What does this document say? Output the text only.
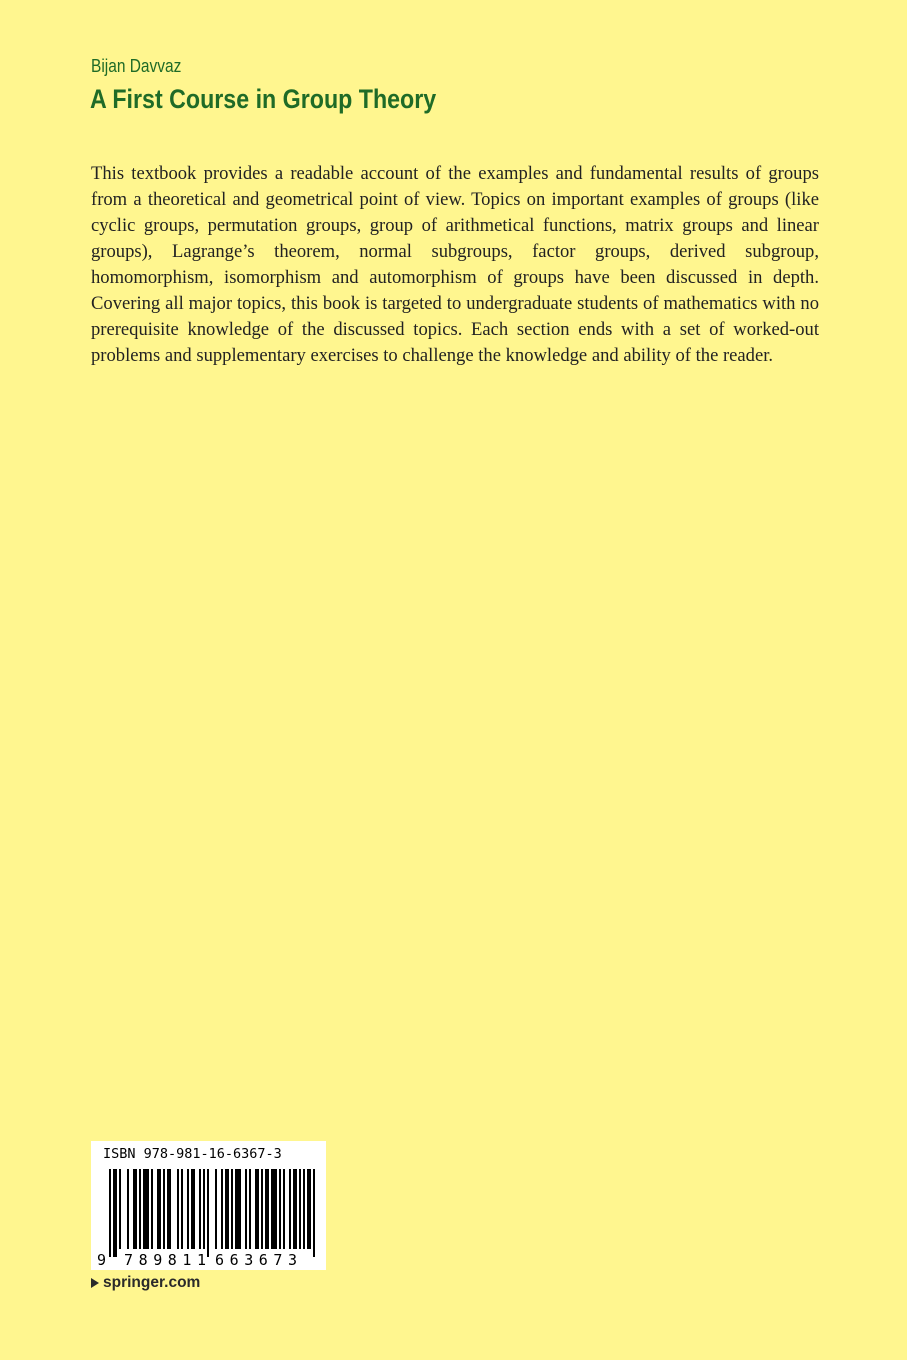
Bijan Davvaz
A First Course in Group Theory

This textbook provides a readable account of the examples and fundamental results of groups from a theoretical and geometrical point of view. Topics on important examples of groups (like cyclic groups, permutation groups, group of arithmetical functions, matrix groups and linear groups), Lagrange’s theorem, normal subgroups, factor groups, derived subgroup, homomorphism, isomorphism and automorphism of groups have been discussed in depth. Covering all major topics, this book is targeted to undergraduate students of mathematics with no prerequisite knowledge of the discussed topics. Each section ends with a set of worked-out problems and supplementary exercises to challenge the knowledge and ability of the reader.

ISBN 978-981-16-6367-3
9 789811 663673
springer.com
